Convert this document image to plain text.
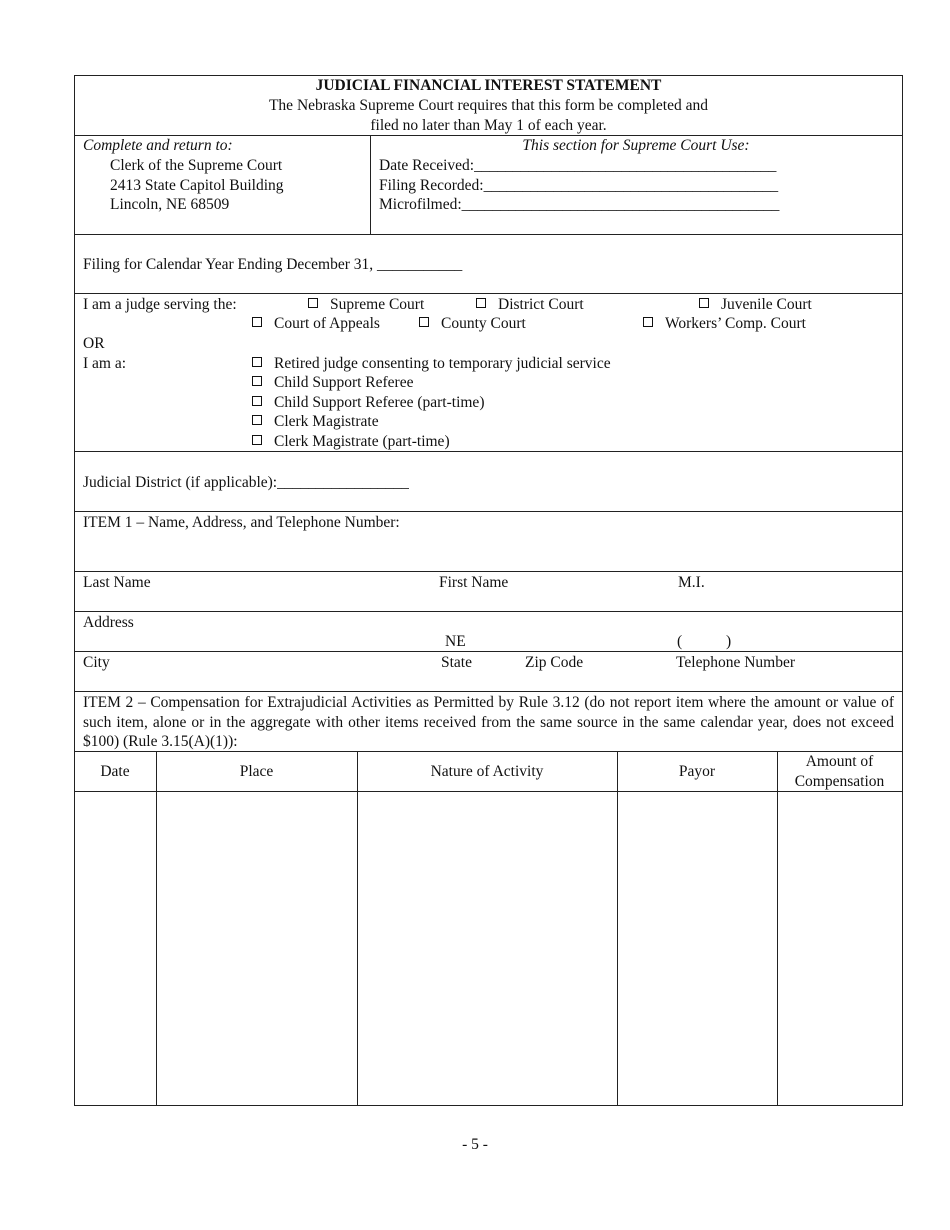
JUDICIAL FINANCIAL INTEREST STATEMENT
The Nebraska Supreme Court requires that this form be completed and
filed no later than May 1 of each year.
Complete and return to:
Clerk of the Supreme Court
2413 State Capitol Building
Lincoln, NE 68509
This section for Supreme Court Use:
Date Received:_______________________________________
Filing Recorded:______________________________________
Microfilmed:_________________________________________
Filing for Calendar Year Ending December 31, ___________
I am a judge serving the:	Supreme Court	District Court	Juvenile Court
Court of Appeals	County Court	Workers’ Comp. Court
OR
I am a:	Retired judge consenting to temporary judicial service
Child Support Referee
Child Support Referee (part-time)
Clerk Magistrate
Clerk Magistrate (part-time)
Judicial District (if applicable):_________________
ITEM 1 – Name, Address, and Telephone Number:
Last Name	First Name	M.I.
Address
NE	(	)
City	State	Zip Code	Telephone Number
ITEM 2 – Compensation for Extrajudicial Activities as Permitted by Rule 3.12 (do not report item where the amount or value of such item, alone or in the aggregate with other items received from the same source in the same calendar year, does not exceed $100) (Rule 3.15(A)(1)):
Date	Place	Nature of Activity	Payor
Amount of
Compensation
- 5 -
